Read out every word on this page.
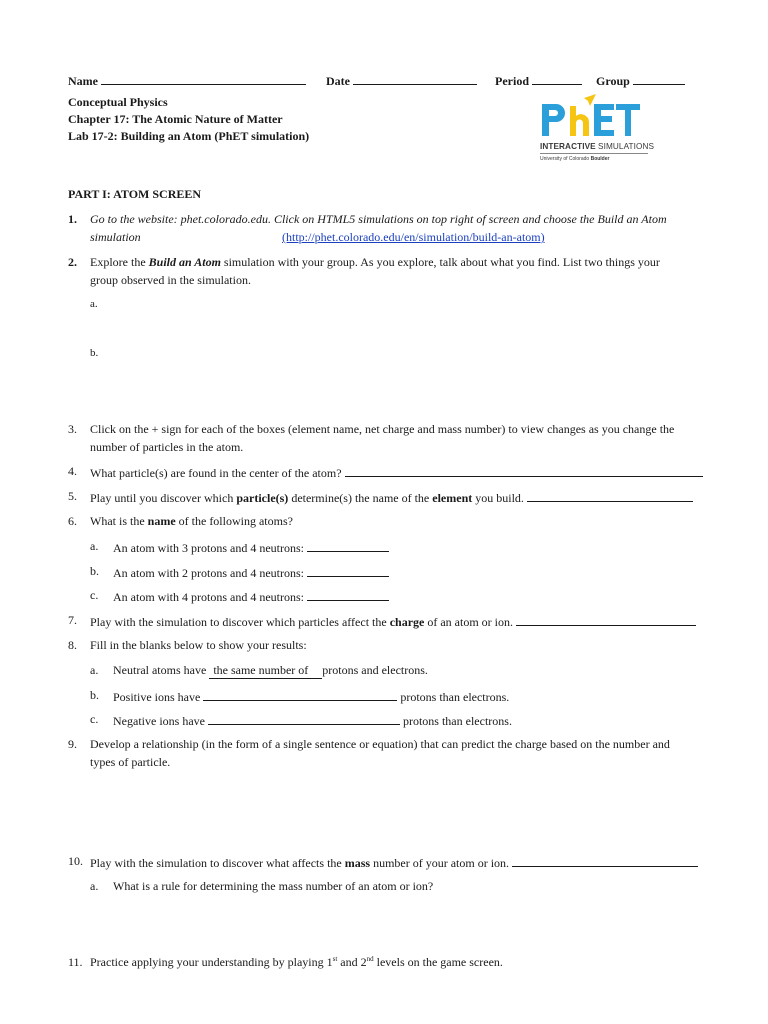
Name	Date	Period	Group
Conceptual Physics
Chapter 17: The Atomic Nature of Matter
Lab 17-2: Building an Atom (PhET simulation)
INTERACTIVE SIMULATIONS
University of Colorado Boulder
PART I: ATOM SCREEN
1. Go to the website: phet.colorado.edu. Click on HTML5 simulations on top right of screen and choose the Build an Atom
simulation	(http://phet.colorado.edu/en/simulation/build-an-atom)
2. Explore the Build an Atom simulation with your group. As you explore, talk about what you find. List two things your
group observed in the simulation.
a.
b.
3. Click on the + sign for each of the boxes (element name, net charge and mass number) to view changes as you change the
number of particles in the atom.
4. What particle(s) are found in the center of the atom?
5. Play until you discover which particle(s) determine(s) the name of the element you build.
6. What is the name of the following atoms?
a. An atom with 3 protons and 4 neutrons:
b. An atom with 2 protons and 4 neutrons:
c. An atom with 4 protons and 4 neutrons:
7. Play with the simulation to discover which particles affect the charge of an atom or ion.
8. Fill in the blanks below to show your results:
a. Neutral atoms have the same number of protons and electrons.
b. Positive ions have	protons than electrons.
c. Negative ions have	protons than electrons.
9. Develop a relationship (in the form of a single sentence or equation) that can predict the charge based on the number and
types of particle.
10. Play with the simulation to discover what affects the mass number of your atom or ion.
a. What is a rule for determining the mass number of an atom or ion?
11. Practice applying your understanding by playing 1st and 2nd levels on the game screen.
